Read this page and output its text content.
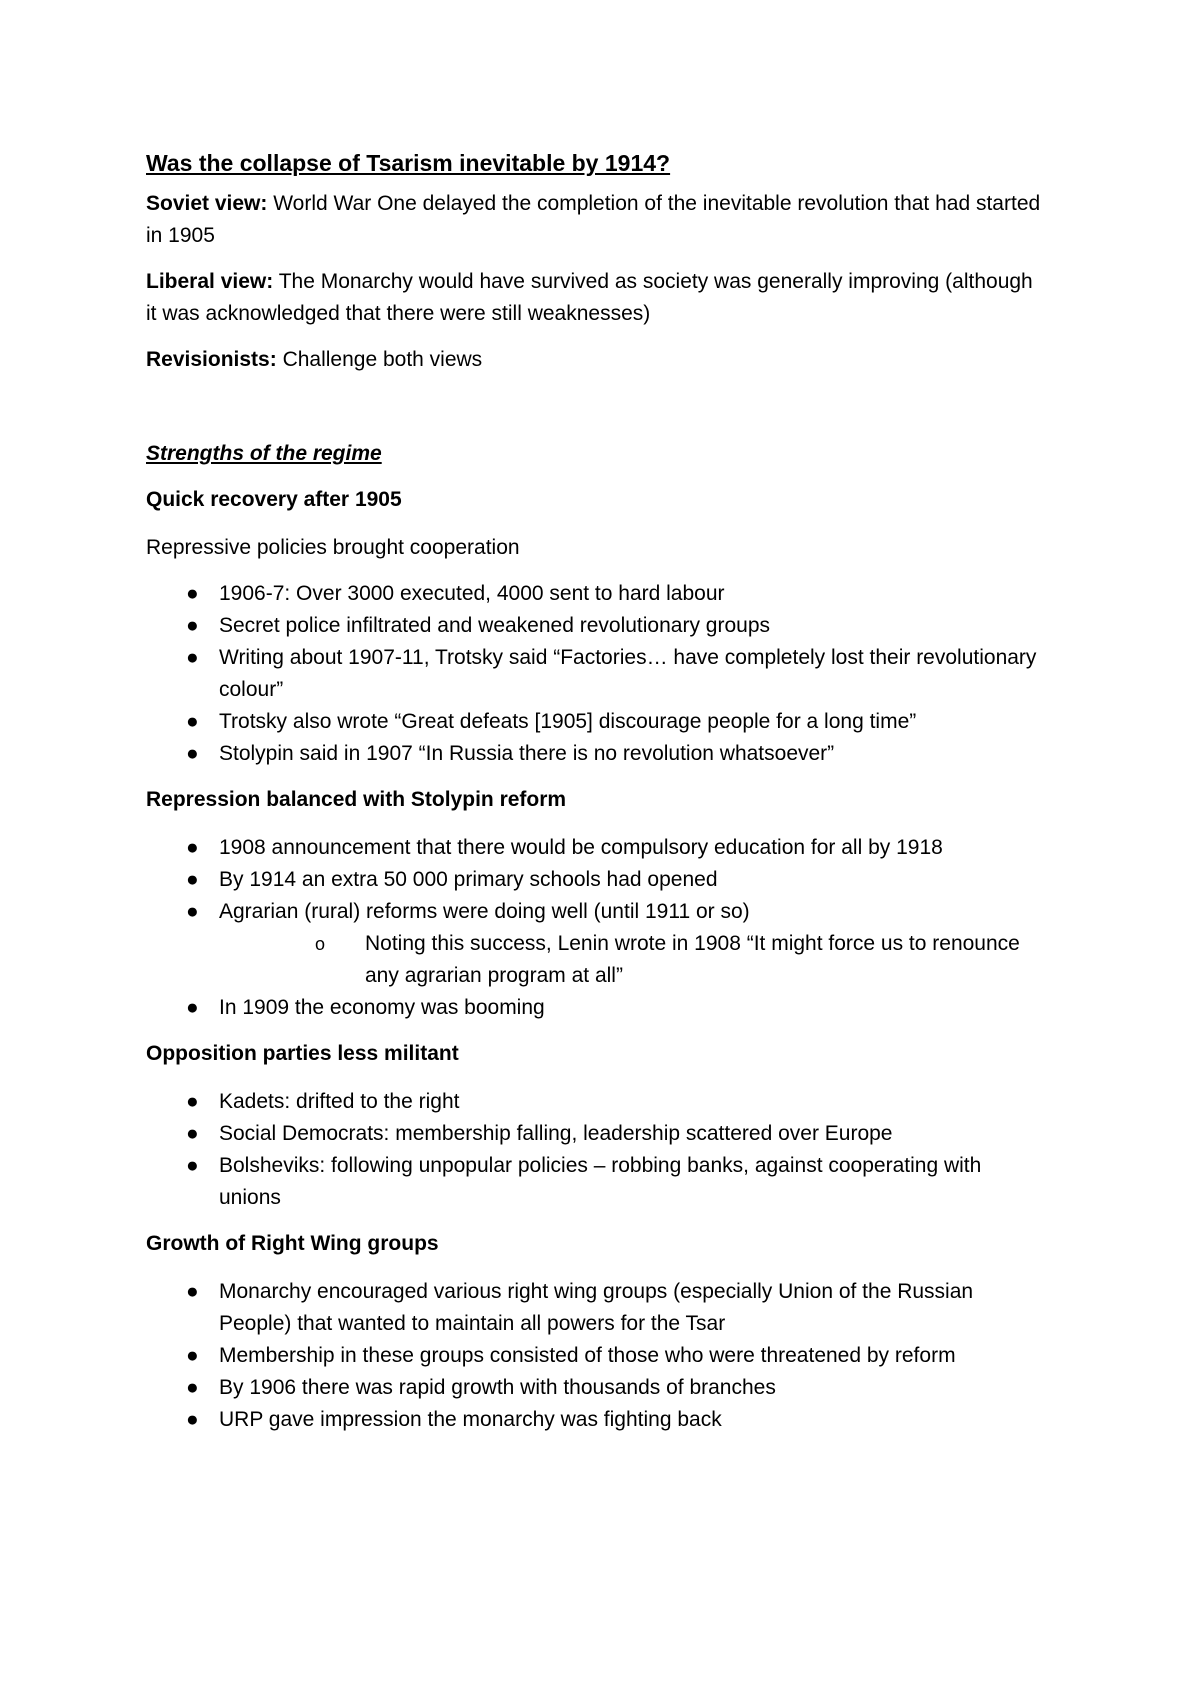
Was the collapse of Tsarism inevitable by 1914?

Soviet view: World War One delayed the completion of the inevitable revolution that had started in 1905

Liberal view: The Monarchy would have survived as society was generally improving (although it was acknowledged that there were still weaknesses)

Revisionists: Challenge both views

Strengths of the regime
Quick recovery after 1905

Repressive policies brought cooperation

● 1906-7: Over 3000 executed, 4000 sent to hard labour
● Secret police infiltrated and weakened revolutionary groups
● Writing about 1907-11, Trotsky said “Factories… have completely lost their revolutionary colour”
● Trotsky also wrote “Great defeats [1905] discourage people for a long time”
● Stolypin said in 1907 “In Russia there is no revolution whatsoever”
Repression balanced with Stolypin reform
● 1908 announcement that there would be compulsory education for all by 1918
● By 1914 an extra 50 000 primary schools had opened
● Agrarian (rural) reforms were doing well (until 1911 or so)
o Noting this success, Lenin wrote in 1908 “It might force us to renounce any agrarian program at all”
● In 1909 the economy was booming
Opposition parties less militant
● Kadets: drifted to the right
● Social Democrats: membership falling, leadership scattered over Europe
● Bolsheviks: following unpopular policies – robbing banks, against cooperating with unions
Growth of Right Wing groups
● Monarchy encouraged various right wing groups (especially Union of the Russian People) that wanted to maintain all powers for the Tsar
● Membership in these groups consisted of those who were threatened by reform
● By 1906 there was rapid growth with thousands of branches
● URP gave impression the monarchy was fighting back
